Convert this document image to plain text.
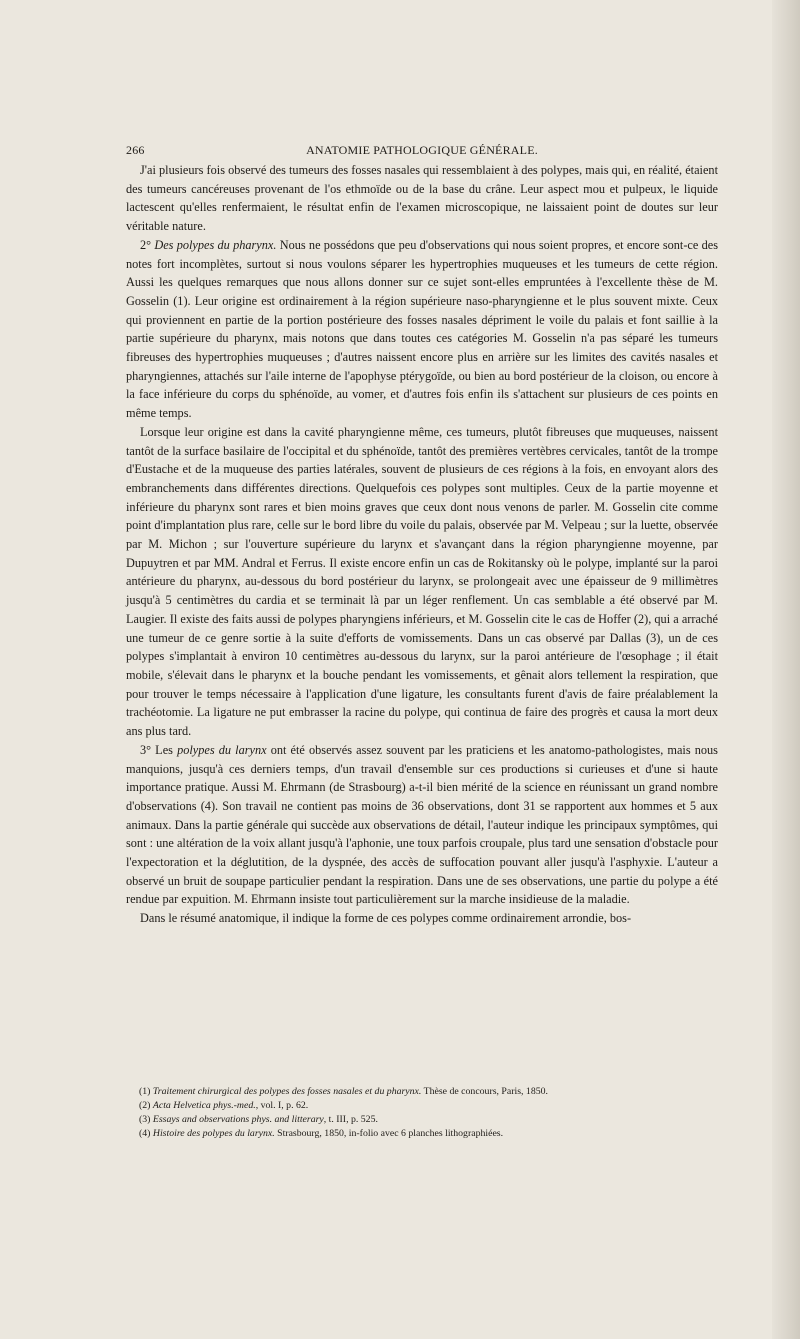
266	ANATOMIE PATHOLOGIQUE GÉNÉRALE.

J'ai plusieurs fois observé des tumeurs des fosses nasales qui ressemblaient à des polypes, mais qui, en réalité, étaient des tumeurs cancéreuses provenant de l'os ethmoïde ou de la base du crâne. Leur aspect mou et pulpeux, le liquide lactescent qu'elles renfermaient, le résultat enfin de l'examen microscopique, ne laissaient point de doutes sur leur véritable nature.

2° Des polypes du pharynx. Nous ne possédons que peu d'observations qui nous soient propres, et encore sont-ce des notes fort incomplètes, surtout si nous voulons séparer les hypertrophies muqueuses et les tumeurs de cette région. Aussi les quelques remarques que nous allons donner sur ce sujet sont-elles empruntées à l'excellente thèse de M. Gosselin (1). Leur origine est ordinairement à la région supérieure naso-pharyngienne et le plus souvent mixte. Ceux qui proviennent en partie de la portion postérieure des fosses nasales dépriment le voile du palais et font saillie à la partie supérieure du pharynx, mais notons que dans toutes ces catégories M. Gosselin n'a pas séparé les tumeurs fibreuses des hypertrophies muqueuses ; d'autres naissent encore plus en arrière sur les limites des cavités nasales et pharyngiennes, attachés sur l'aile interne de l'apophyse ptérygoïde, ou bien au bord postérieur de la cloison, ou encore à la face inférieure du corps du sphénoïde, au vomer, et d'autres fois enfin ils s'attachent sur plusieurs de ces points en même temps.

Lorsque leur origine est dans la cavité pharyngienne même, ces tumeurs, plutôt fibreuses que muqueuses, naissent tantôt de la surface basilaire de l'occipital et du sphénoïde, tantôt des premières vertèbres cervicales, tantôt de la trompe d'Eustache et de la muqueuse des parties latérales, souvent de plusieurs de ces régions à la fois, en envoyant alors des embranchements dans différentes directions. Quelquefois ces polypes sont multiples. Ceux de la partie moyenne et inférieure du pharynx sont rares et bien moins graves que ceux dont nous venons de parler. M. Gosselin cite comme point d'implantation plus rare, celle sur le bord libre du voile du palais, observée par M. Velpeau ; sur la luette, observée par M. Michon ; sur l'ouverture supérieure du larynx et s'avançant dans la région pharyngienne moyenne, par Dupuytren et par MM. Andral et Ferrus. Il existe encore enfin un cas de Rokitansky où le polype, implanté sur la paroi antérieure du pharynx, au-dessous du bord postérieur du larynx, se prolongeait avec une épaisseur de 9 millimètres jusqu'à 5 centimètres du cardia et se terminait là par un léger renflement. Un cas semblable a été observé par M. Laugier. Il existe des faits aussi de polypes pharyngiens inférieurs, et M. Gosselin cite le cas de Hoffer (2), qui a arraché une tumeur de ce genre sortie à la suite d'efforts de vomissements. Dans un cas observé par Dallas (3), un de ces polypes s'implantait à environ 10 centimètres au-dessous du larynx, sur la paroi antérieure de l'œsophage ; il était mobile, s'élevait dans le pharynx et la bouche pendant les vomissements, et gênait alors tellement la respiration, que pour trouver le temps nécessaire à l'application d'une ligature, les consultants furent d'avis de faire préalablement la trachéotomie. La ligature ne put embrasser la racine du polype, qui continua de faire des progrès et causa la mort deux ans plus tard.

3° Les polypes du larynx ont été observés assez souvent par les praticiens et les anatomo-pathologistes, mais nous manquions, jusqu'à ces derniers temps, d'un travail d'ensemble sur ces productions si curieuses et d'une si haute importance pratique. Aussi M. Ehrmann (de Strasbourg) a-t-il bien mérité de la science en réunissant un grand nombre d'observations (4). Son travail ne contient pas moins de 36 observations, dont 31 se rapportent aux hommes et 5 aux animaux. Dans la partie générale qui succède aux observations de détail, l'auteur indique les principaux symptômes, qui sont : une altération de la voix allant jusqu'à l'aphonie, une toux parfois croupale, plus tard une sensation d'obstacle pour l'expectoration et la déglutition, de la dyspnée, des accès de suffocation pouvant aller jusqu'à l'asphyxie. L'auteur a observé un bruit de soupape particulier pendant la respiration. Dans une de ses observations, une partie du polype a été rendue par expuition. M. Ehrmann insiste tout particulièrement sur la marche insidieuse de la maladie.

Dans le résumé anatomique, il indique la forme de ces polypes comme ordinairement arrondie, bos-

(1) Traitement chirurgical des polypes des fosses nasales et du pharynx. Thèse de concours, Paris, 1850.
(2) Acta Helvetica phys.-med., vol. I, p. 62.
(3) Essays and observations phys. and litterary, t. III, p. 525.
(4) Histoire des polypes du larynx. Strasbourg, 1850, in-folio avec 6 planches lithographiées.
